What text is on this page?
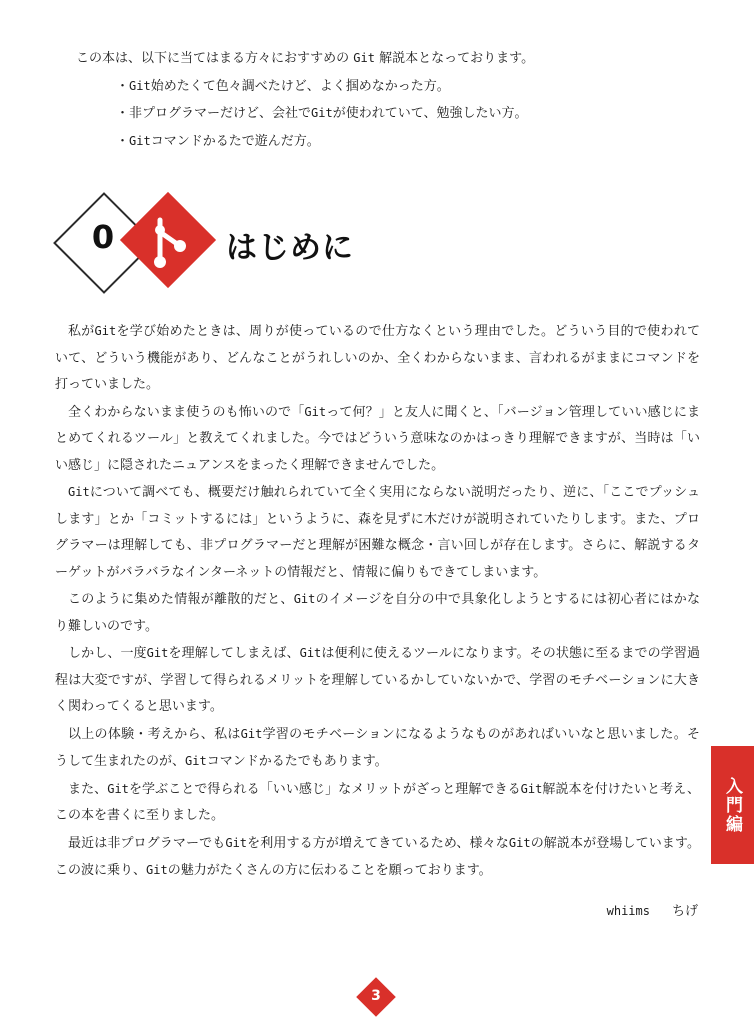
この本は、以下に当てはまる方々におすすめの Git 解説本となっております。
・Git始めたくて色々調べたけど、よく掴めなかった方。
・非プログラマーだけど、会社でGitが使われていて、勉強したい方。
・Gitコマンドかるたで遊んだ方。
0	はじめに

私がGitを学び始めたときは、周りが使っているので仕方なくという理由でした。どういう目的で使われていて、どういう機能があり、どんなことがうれしいのか、全くわからないまま、言われるがままにコマンドを打っていました。

全くわからないまま使うのも怖いので「Gitって何？」と友人に聞くと、「バージョン管理していい感じにまとめてくれるツール」と教えてくれました。今ではどういう意味なのかはっきり理解できますが、当時は「いい感じ」に隠されたニュアンスをまったく理解できませんでした。

Gitについて調べても、概要だけ触れられていて全く実用にならない説明だったり、逆に、「ここでプッシュします」とか「コミットするには」というように、森を見ずに木だけが説明されていたりします。また、プログラマーは理解しても、非プログラマーだと理解が困難な概念・言い回しが存在します。さらに、解説するターゲットがバラバラなインターネットの情報だと、情報に偏りもできてしまいます。

このように集めた情報が離散的だと、Gitのイメージを自分の中で具象化しようとするには初心者にはかなり難しいのです。

しかし、一度Gitを理解してしまえば、Gitは便利に使えるツールになります。その状態に至るまでの学習過程は大変ですが、学習して得られるメリットを理解しているかしていないかで、学習のモチベーションに大きく関わってくると思います。

以上の体験・考えから、私はGit学習のモチベーションになるようなものがあればいいなと思いました。そうして生まれたのが、Gitコマンドかるたでもあります。

また、Gitを学ぶことで得られる「いい感じ」なメリットがざっと理解できるGit解説本を付けたいと考え、この本を書くに至りました。

最近は非プログラマーでもGitを利用する方が増えてきているため、様々なGitの解説本が登場しています。この波に乗り、Gitの魅力がたくさんの方に伝わることを願っております。

whiims ちげ
入門編
3
